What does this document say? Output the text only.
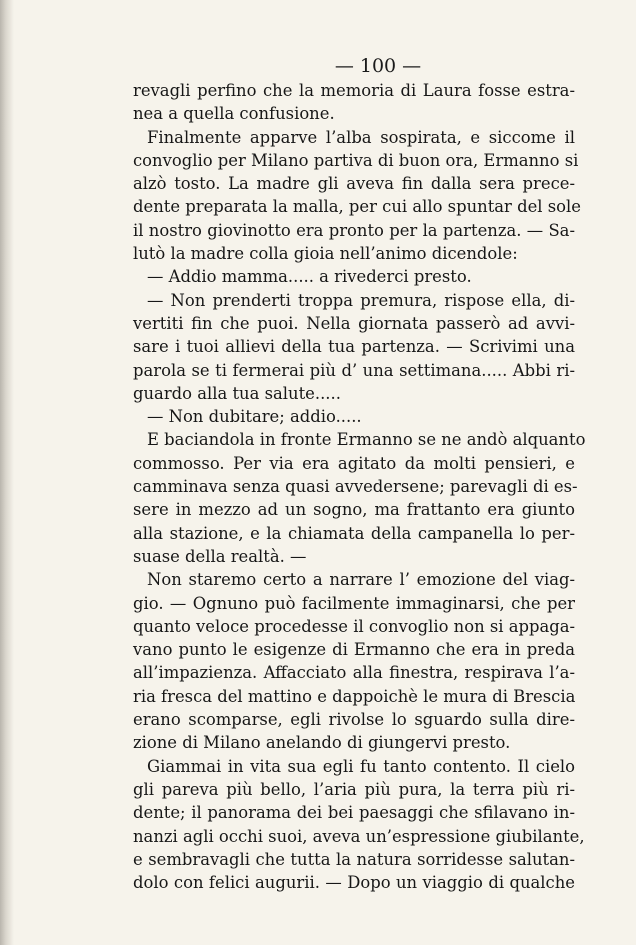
— 100 —
revagli perfino che la memoria di Laura fosse estra-
nea a quella confusione.
Finalmente apparve l’alba sospirata, e siccome il
convoglio per Milano partiva di buon ora, Ermanno si
alzò tosto. La madre gli aveva fin dalla sera prece-
dente preparata la malla, per cui allo spuntar del sole
il nostro giovinotto era pronto per la partenza. — Sa-
lutò la madre colla gioia nell’animo dicendole:
— Addio mamma..... a rivederci presto.
— Non prenderti troppa premura, rispose ella, di-
vertiti fin che puoi. Nella giornata passerò ad avvi-
sare i tuoi allievi della tua partenza. — Scrivimi una
parola se ti fermerai più d’ una settimana..... Abbi ri-
guardo alla tua salute.....
— Non dubitare; addio.....
E baciandola in fronte Ermanno se ne andò alquanto
commosso. Per via era agitato da molti pensieri, e
camminava senza quasi avvedersene; parevagli di es-
sere in mezzo ad un sogno, ma frattanto era giunto
alla stazione, e la chiamata della campanella lo per-
suase della realtà. —
Non staremo certo a narrare l’ emozione del viag-
gio. — Ognuno può facilmente immaginarsi, che per
quanto veloce procedesse il convoglio non si appaga-
vano punto le esigenze di Ermanno che era in preda
all’impazienza. Affacciato alla finestra, respirava l’a-
ria fresca del mattino e dappoichè le mura di Brescia
erano scomparse, egli rivolse lo sguardo sulla dire-
zione di Milano anelando di giungervi presto.
Giammai in vita sua egli fu tanto contento. Il cielo
gli pareva più bello, l’aria più pura, la terra più ri-
dente; il panorama dei bei paesaggi che sfilavano in-
nanzi agli occhi suoi, aveva un’espressione giubilante,
e sembravagli che tutta la natura sorridesse salutan-
dolo con felici augurii. — Dopo un viaggio di qualche
